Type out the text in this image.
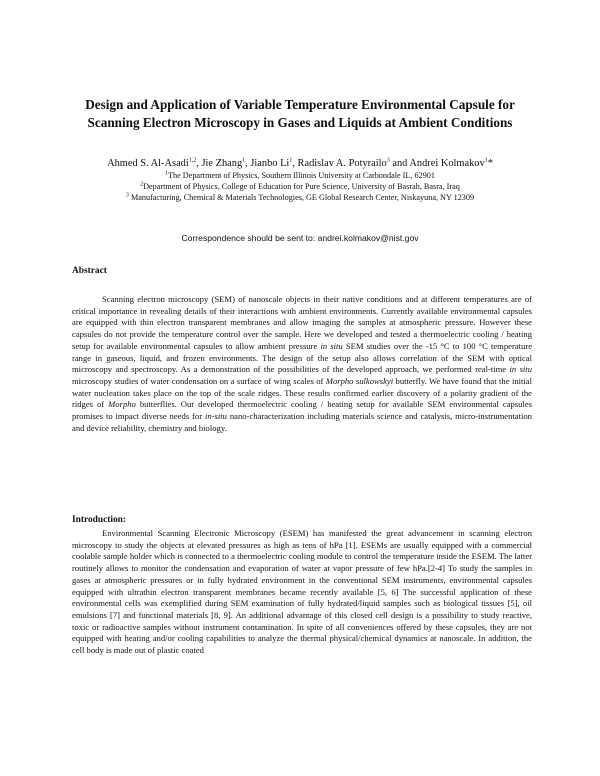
Design and Application of Variable Temperature Environmental Capsule for
Scanning Electron Microscopy in Gases and Liquids at Ambient Conditions
Ahmed S. Al-Asadi$^{1,2}$, Jie Zhang$^1$, Jianbo Li$^1$, Radislav A. Potyrailo$^3$ and Andrei Kolmakov$^1$*
$^1$The Department of Physics, Southern Illinois University at Carbondale IL, 62901
$^2$Department of Physics, College of Education for Pure Science, University of Basrah, Basra, Iraq
$^3$ Manufacturing, Chemical & Materials Technologies, GE Global Research Center, Niskayuna, NY 12309
Correspondence should be sent to: andrei.kolmakov@nist.gov
Abstract

Scanning electron microscopy (SEM) of nanoscale objects in their native conditions and at different temperatures are of critical importance in revealing details of their interactions with ambient environments. Currently available environmental capsules are equipped with thin electron transparent membranes and allow imaging the samples at atmospheric pressure. However these capsules do not provide the temperature control over the sample. Here we developed and tested a thermoelectric cooling / heating setup for available environmental capsules to allow ambient pressure in situ SEM studies over the -15 °C to 100 °C temperature range in gaseous, liquid, and frozen environments. The design of the setup also allows correlation of the SEM with optical microscopy and spectroscopy. As a demonstration of the possibilities of the developed approach, we performed real-time in situ microscopy studies of water condensation on a surface of wing scales of Morpho sulkowskyi butterfly. We have found that the initial water nucleation takes place on the top of the scale ridges. These results confirmed earlier discovery of a polarity gradient of the ridges of Morpho butterflies. Our developed thermoelectric cooling / heating setup for available SEM environmental capsules promises to impact diverse needs for in-situ nano-characterization including materials science and catalysis, micro-instrumentation and device reliability, chemistry and biology.

Introduction:

Environmental Scanning Electronic Microscopy (ESEM) has manifested the great advancement in scanning electron microscopy to study the objects at elevated pressures as high as tens of hPa [1]. ESEMs are usually equipped with a commercial coolable sample holder which is connected to a thermoelectric cooling module to control the temperature inside the ESEM. The latter routinely allows to monitor the condensation and evaporation of water at vapor pressure of few hPa.[2-4] To study the samples in gases at atmospheric pressures or in fully hydrated environment in the conventional SEM instruments, environmental capsules equipped with ultrathin electron transparent membranes became recently available [5, 6] The successful application of these environmental cells was exemplified during SEM examination of fully hydrated/liquid samples such as biological tissues [5], oil emulsions [7] and functional materials [8, 9]. An additional advantage of this closed cell design is a possibility to study reactive, toxic or radioactive samples without instrument contamination. In spite of all conveniences offered by these capsules, they are not equipped with heating and/or cooling capabilities to analyze the thermal physical/chemical dynamics at nanoscale. In addition, the cell body is made out of plastic coated
